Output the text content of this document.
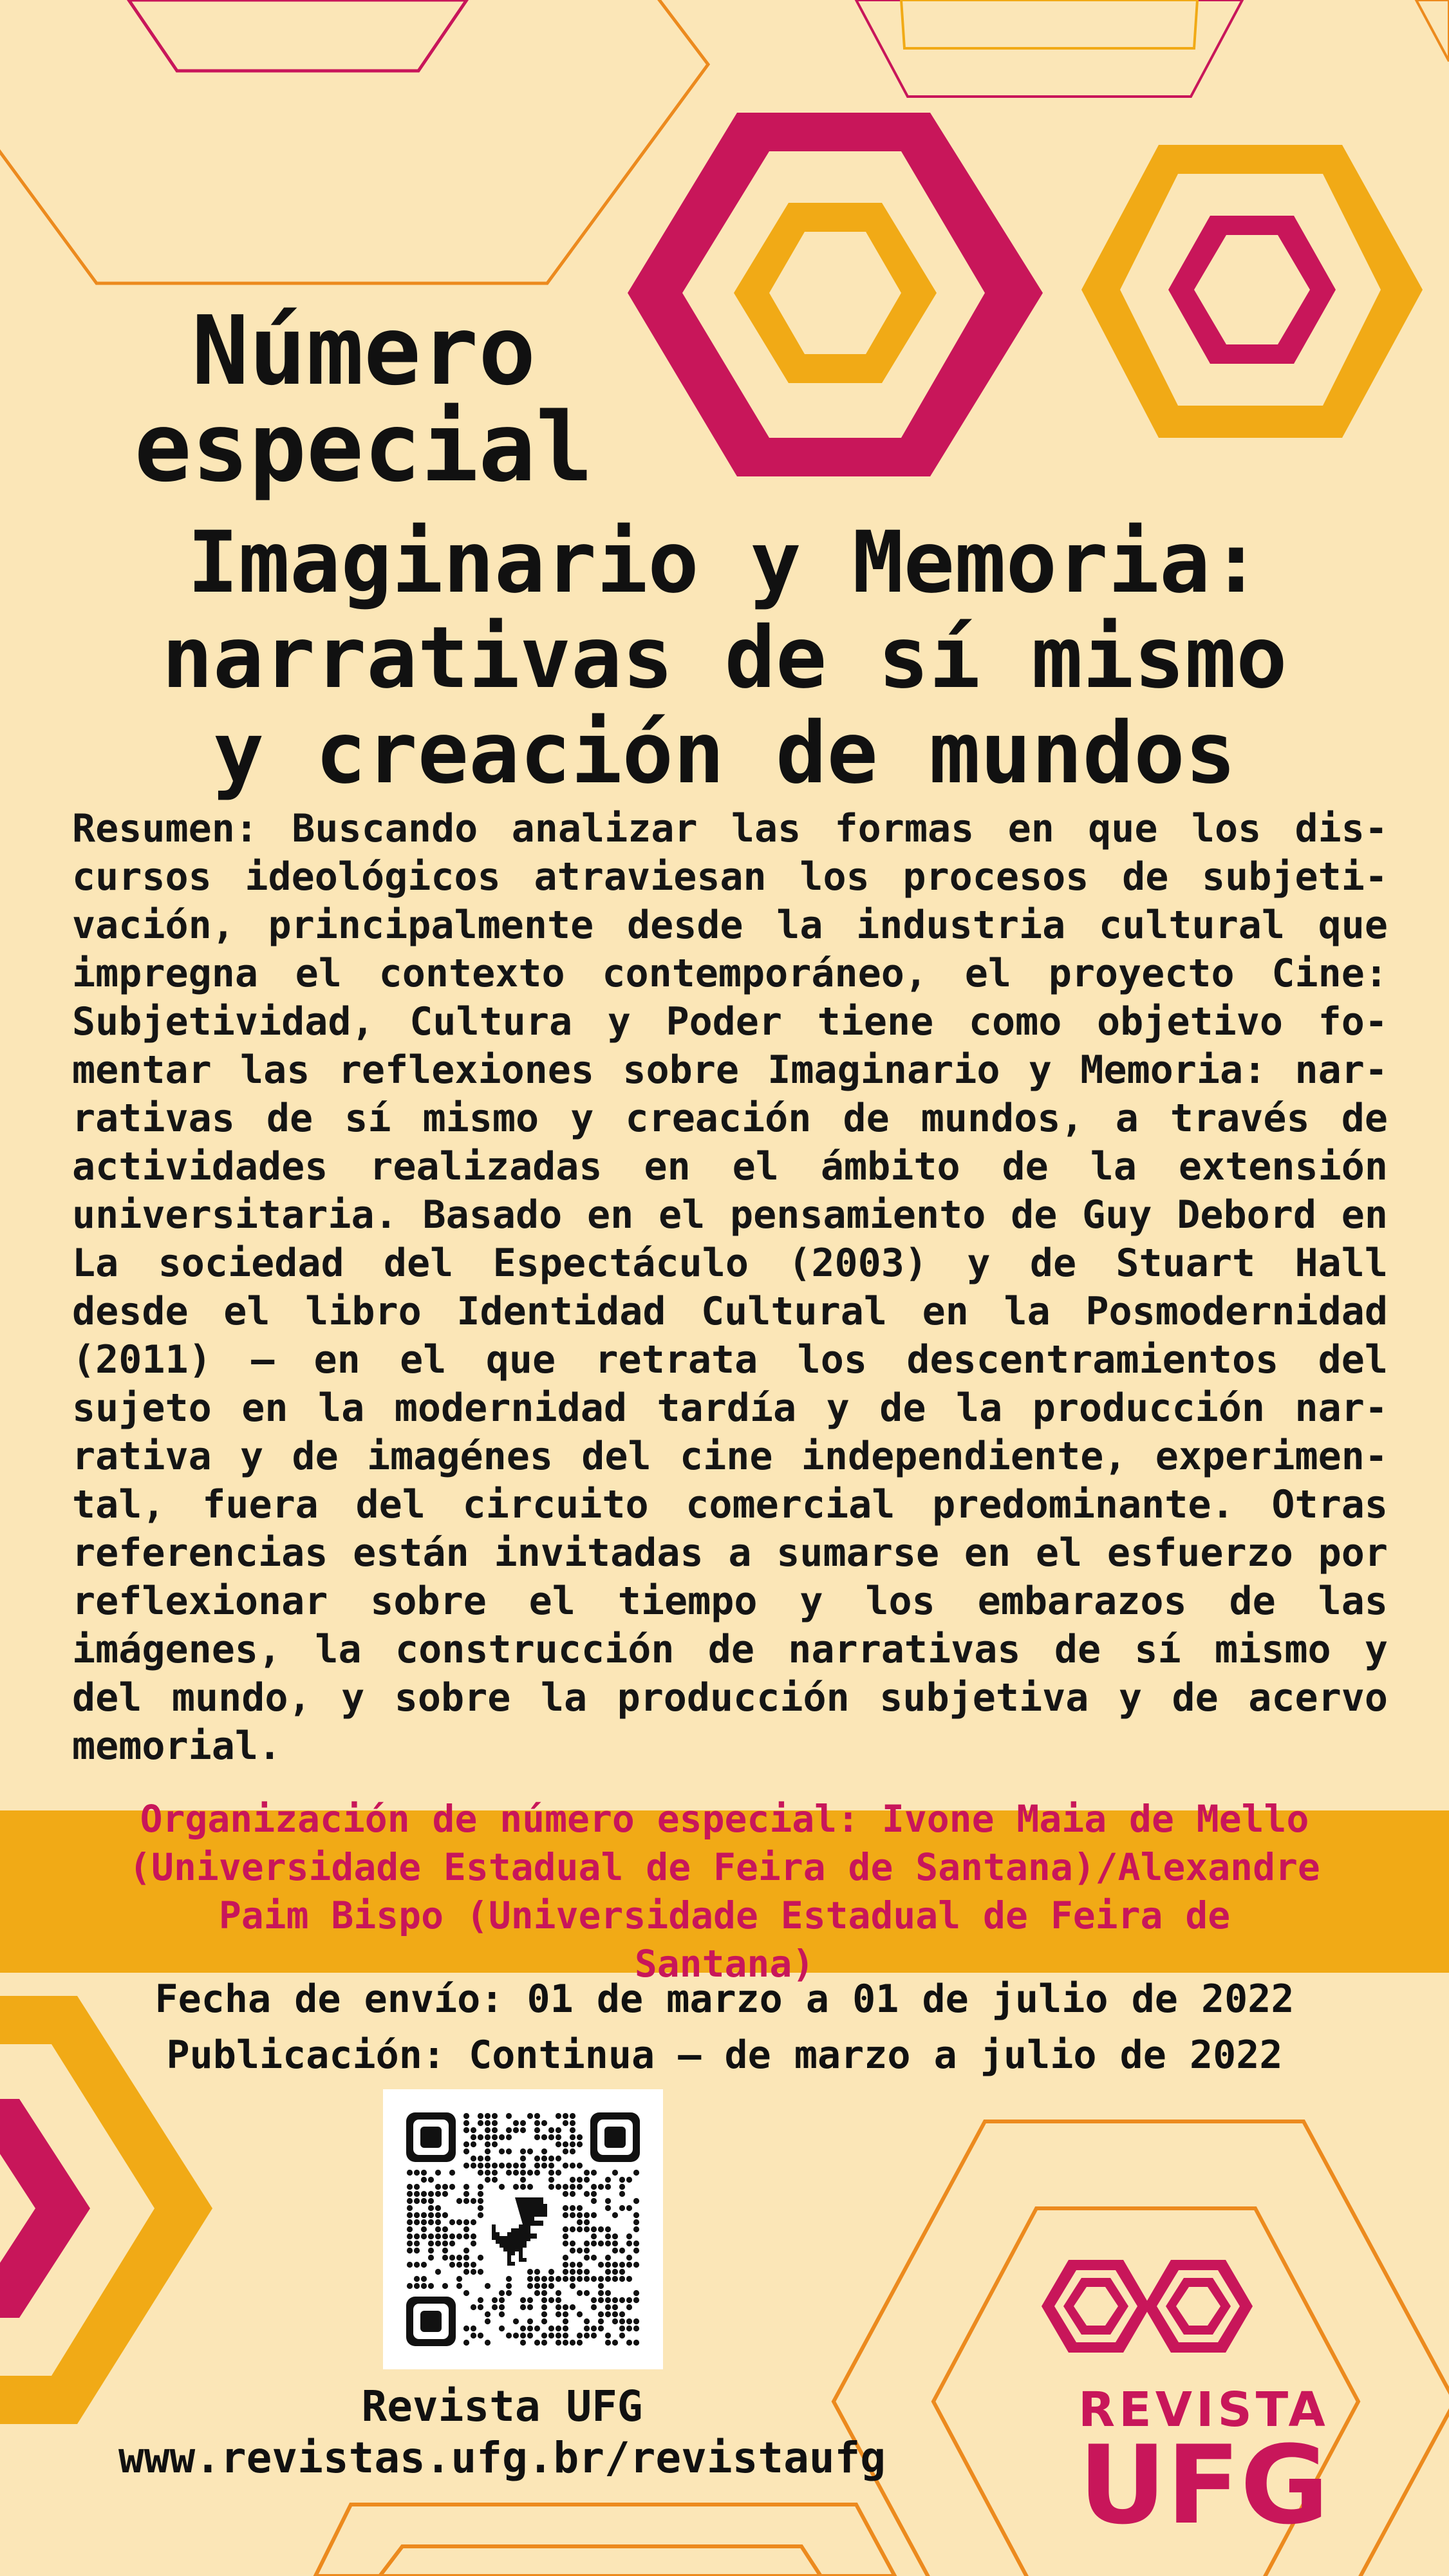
Número
especial
Imaginario y Memoria:
narrativas de sí mismo
y creación de mundos

Resumen: Buscando analizar las formas en que los dis-cursos ideológicos atraviesan los procesos de subjeti-vación, principalmente desde la industria cultural que impregna el contexto contemporáneo, el proyecto Cine: Subjetividad, Cultura y Poder tiene como objetivo fo-mentar las reflexiones sobre Imaginario y Memoria: nar-rativas de sí mismo y creación de mundos, a través de actividades realizadas en el ámbito de la extensión universitaria. Basado en el pensamiento de Guy Debord en La sociedad del Espectáculo (2003) y de Stuart Hall desde el libro Identidad Cultural en la Posmodernidad (2011) – en el que retrata los descentramientos del sujeto en la modernidad tardía y de la producción nar-rativa y de imagénes del cine independiente, experimen-tal, fuera del circuito comercial predominante. Otras referencias están invitadas a sumarse en el esfuerzo por reflexionar sobre el tiempo y los embarazos de las imágenes, la construcción de narrativas de sí mismo y del mundo, y sobre la producción subjetiva y de acervo memorial.

Organización de número especial: Ivone Maia de Mello (Universidade Estadual de Feira de Santana)/Alexandre Paim Bispo (Universidade Estadual de Feira de Santana)

Fecha de envío: 01 de marzo a 01 de julio de 2022

Publicación: Continua – de marzo a julio de 2022

Revista UFG

www.revistas.ufg.br/revistaufg

REVISTA

UFG
